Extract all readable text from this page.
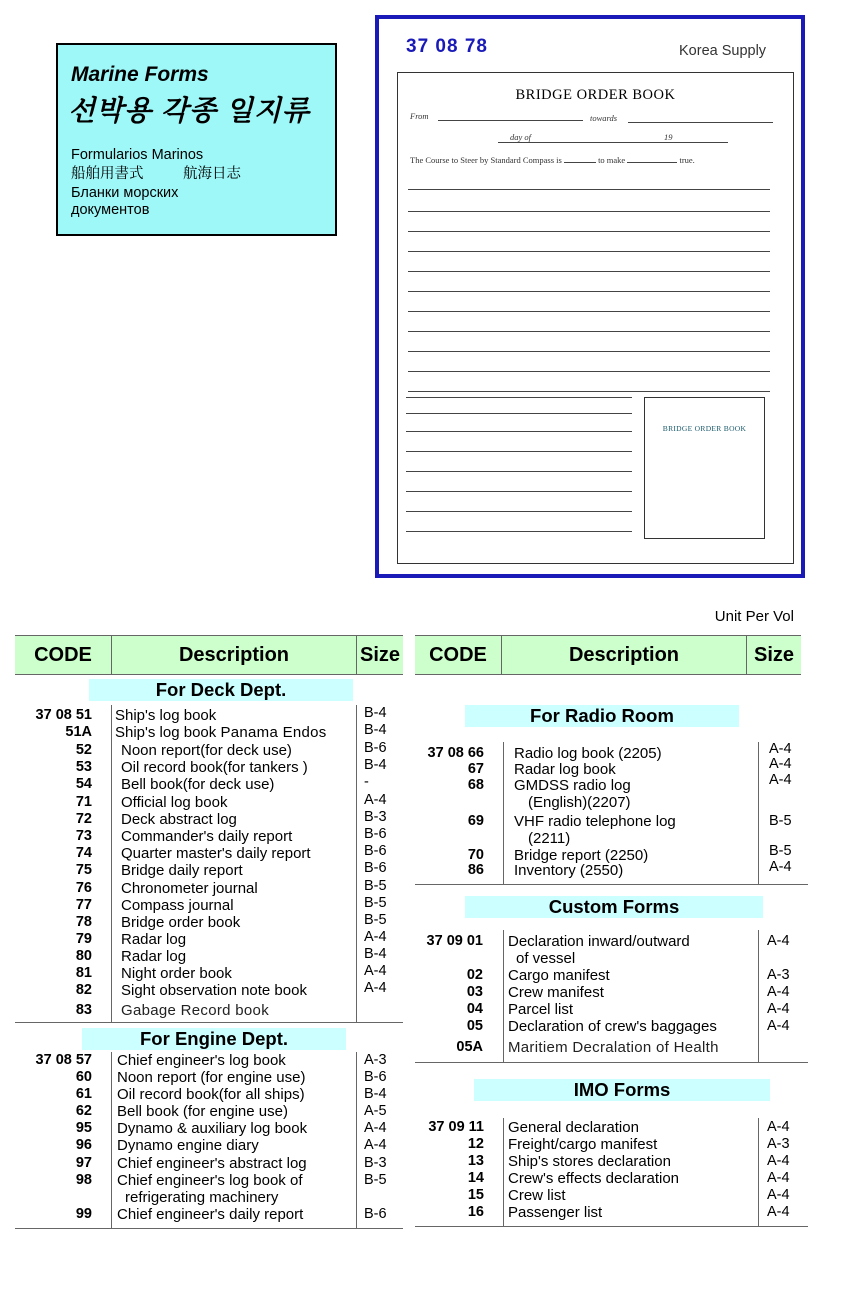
Marine Forms
선박용 각종 일지류
Formularios Marinos
船舶用書式	航海日志
Бланки морских
документов
37 08 78	Korea Supply
BRIDGE ORDER BOOK
From	towards
day of	19
The Course to Steer by Standard Compass is	to make	true.
BRIDGE ORDER BOOK
Unit Per Vol
CODE	Description	Size	CODE	Description	Size
For Deck Dept.
For Engine Dept.
For Radio Room
Custom Forms
IMO Forms
37 08 51 Ship's log book	B-4
51A Ship's log book Panama Endos	B-4
52 Noon report(for deck use)	B-6
53 Oil record book(for tankers )	B-4
54 Bell book(for deck use)	-
71 Official log book	A-4
72 Deck abstract log	B-3
73 Commander's daily report	B-6
74 Quarter master's daily report	B-6
75 Bridge daily report	B-6
76 Chronometer journal	B-5
77 Compass journal	B-5
78 Bridge order book	B-5
79 Radar log	A-4
80 Radar log	B-4
81 Night order book	A-4
82 Sight observation note book	A-4
83 Gabage Record book
37 08 57 Chief engineer's log book	A-3
60 Noon report (for engine use)	B-6
61 Oil record book(for all ships)	B-4
62 Bell book (for engine use)	A-5
95 Dynamo & auxiliary log book	A-4
96 Dynamo engine diary	A-4
97 Chief engineer's abstract log	B-3
98 Chief engineer's log book of
refrigerating machinery
B-5
99 Chief engineer's daily report	B-6
37 08 66 Radio log book (2205)	A-4
67 Radar log book	A-4
68 GMDSS radio log
(English)(2207)
A-4
69 VHF radio telephone log
(2211)
B-5
70 Bridge report (2250)	B-5
86 Inventory (2550)	A-4
37 09 01 Declaration inward/outward
of vessel
A-4
02 Cargo manifest	A-3
03 Crew manifest	A-4
04 Parcel list	A-4
05 Declaration of crew's baggages	A-4
05A Maritiem Decralation of Health
37 09 11 General declaration	A-4
12 Freight/cargo manifest	A-3
13 Ship's stores declaration	A-4
14 Crew's effects declaration	A-4
15 Crew list	A-4
16 Passenger list	A-4
